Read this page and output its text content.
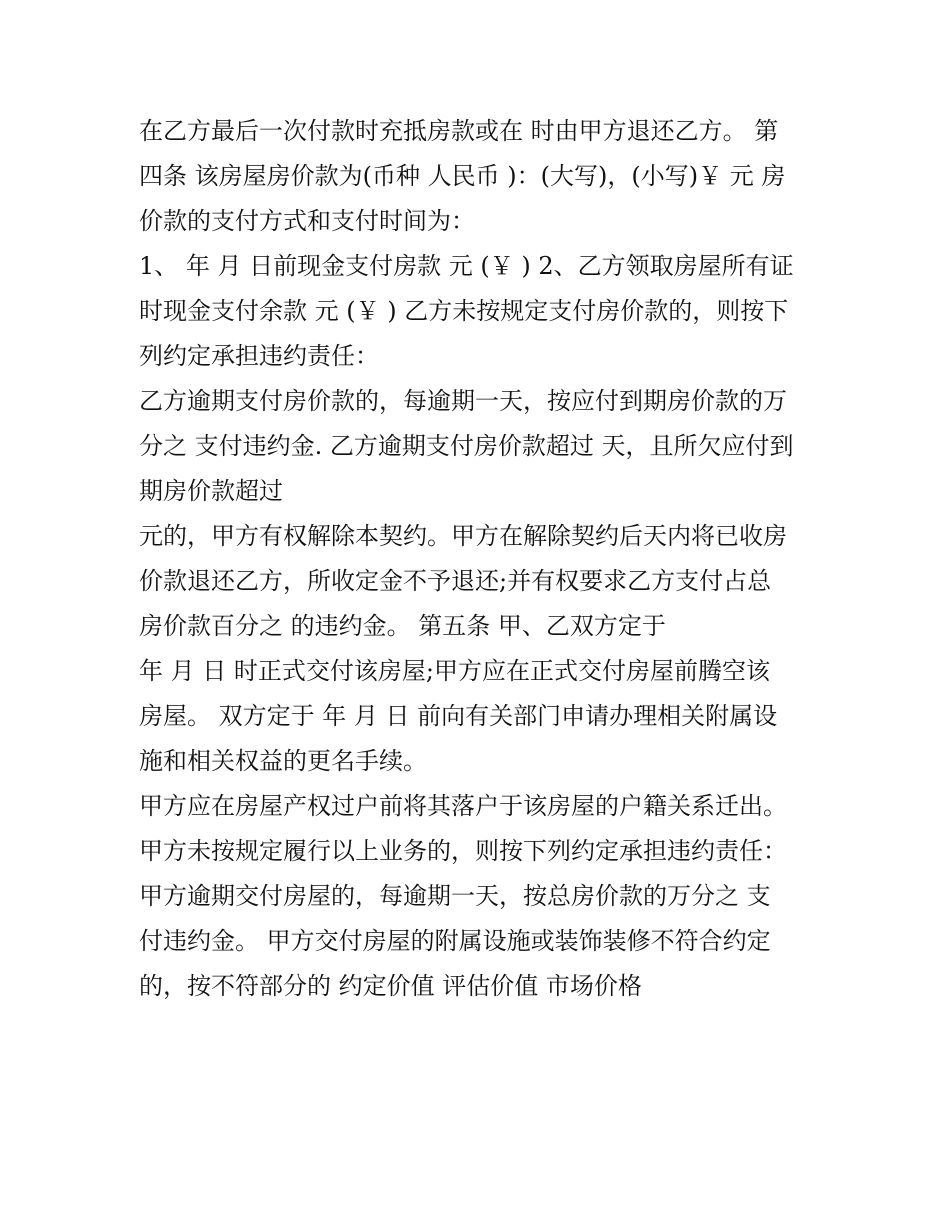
在乙方最后一次付款时充抵房款或在 时由甲方退还乙方。 第
四条 该房屋房价款为(币种 人民币 )：(大写)，(小写)￥ 元 房
价款的支付方式和支付时间为：
1、 年 月 日前现金支付房款 元 (￥ ) 2、乙方领取房屋所有证
时现金支付余款 元 (￥ ) 乙方未按规定支付房价款的，则按下
列约定承担违约责任：
乙方逾期支付房价款的，每逾期一天，按应付到期房价款的万
分之 支付违约金. 乙方逾期支付房价款超过 天，且所欠应付到
期房价款超过
元的，甲方有权解除本契约。甲方在解除契约后天内将已收房
价款退还乙方，所收定金不予退还;并有权要求乙方支付占总
房价款百分之 的违约金。 第五条 甲、乙双方定于
年 月 日 时正式交付该房屋;甲方应在正式交付房屋前腾空该
房屋。 双方定于 年 月 日 前向有关部门申请办理相关附属设
施和相关权益的更名手续。
甲方应在房屋产权过户前将其落户于该房屋的户籍关系迁出。
甲方未按规定履行以上业务的，则按下列约定承担违约责任：
甲方逾期交付房屋的，每逾期一天，按总房价款的万分之 支
付违约金。 甲方交付房屋的附属设施或装饰装修不符合约定
的，按不符部分的 约定价值 评估价值 市场价格
